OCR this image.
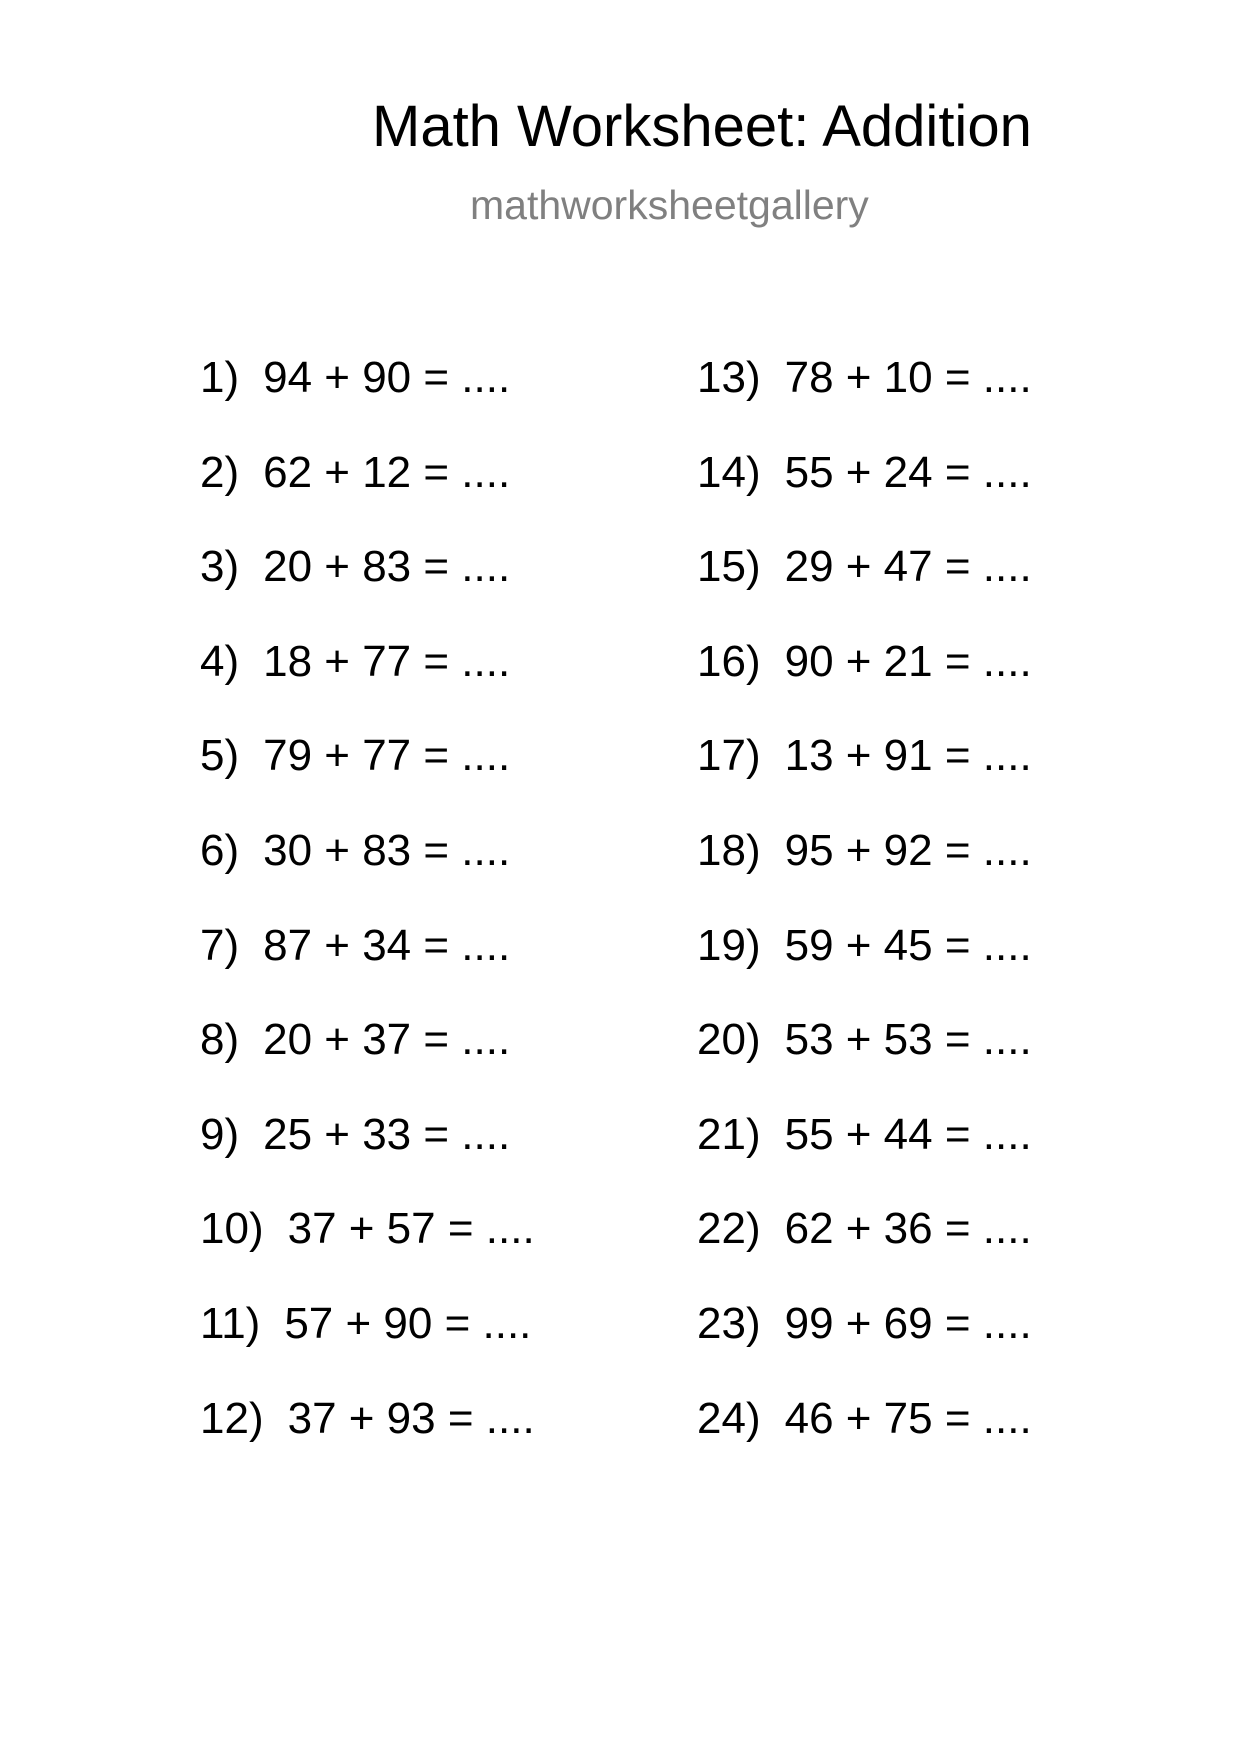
Math Worksheet: Addition
mathworksheetgallery
1) 94 + 90 = ....
2) 62 + 12 = ....
3) 20 + 83 = ....
4) 18 + 77 = ....
5) 79 + 77 = ....
6) 30 + 83 = ....
7) 87 + 34 = ....
8) 20 + 37 = ....
9) 25 + 33 = ....
10) 37 + 57 = ....
11) 57 + 90 = ....
12) 37 + 93 = ....
13) 78 + 10 = ....
14) 55 + 24 = ....
15) 29 + 47 = ....
16) 90 + 21 = ....
17) 13 + 91 = ....
18) 95 + 92 = ....
19) 59 + 45 = ....
20) 53 + 53 = ....
21) 55 + 44 = ....
22) 62 + 36 = ....
23) 99 + 69 = ....
24) 46 + 75 = ....
